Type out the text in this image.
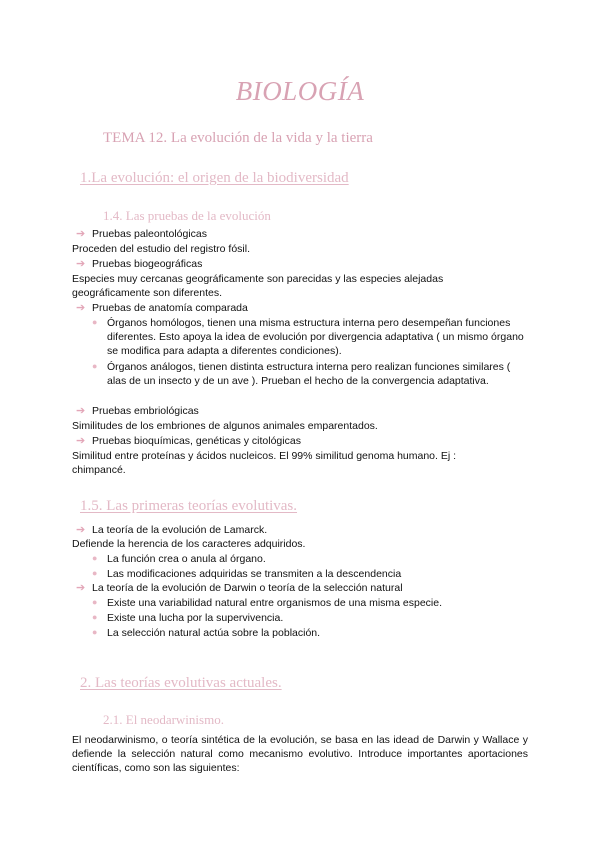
BIOLOGÍA
TEMA 12. La evolución de la vida y la tierra
1.La evolución: el origen de la biodiversidad
1.4. Las pruebas de la evolución
➔ Pruebas paleontológicas
Proceden del estudio del registro fósil.
➔ Pruebas biogeográficas
Especies muy cercanas geográficamente son parecidas y las especies alejadas
geográficamente son diferentes.
➔ Pruebas de anatomía comparada
● Órganos homólogos, tienen una misma estructura interna pero desempeñan funciones diferentes. Esto apoya la idea de evolución por divergencia adaptativa ( un mismo órgano se modifica para adapta a diferentes condiciones).
● Órganos análogos, tienen distinta estructura interna pero realizan funciones similares ( alas de un insecto y de un ave ). Prueban el hecho de la convergencia adaptativa.
➔ Pruebas embriológicas
Similitudes de los embriones de algunos animales emparentados.
➔ Pruebas bioquímicas, genéticas y citológicas
Similitud entre proteínas y ácidos nucleicos. El 99% similitud genoma humano. Ej :
chimpancé.
1.5. Las primeras teorías evolutivas.
➔ La teoría de la evolución de Lamarck.
Defiende la herencia de los caracteres adquiridos.
● La función crea o anula al órgano.
● Las modificaciones adquiridas se transmiten a la descendencia
➔ La teoría de la evolución de Darwin o teoría de la selección natural
● Existe una variabilidad natural entre organismos de una misma especie.
● Existe una lucha por la supervivencia.
● La selección natural actúa sobre la población.
2. Las teorías evolutivas actuales.
2.1. El neodarwinismo.
El neodarwinismo, o teoría sintética de la evolución, se basa en las idead de Darwin y Wallace y defiende la selección natural como mecanismo evolutivo. Introduce importantes aportaciones científicas, como son las siguientes:
